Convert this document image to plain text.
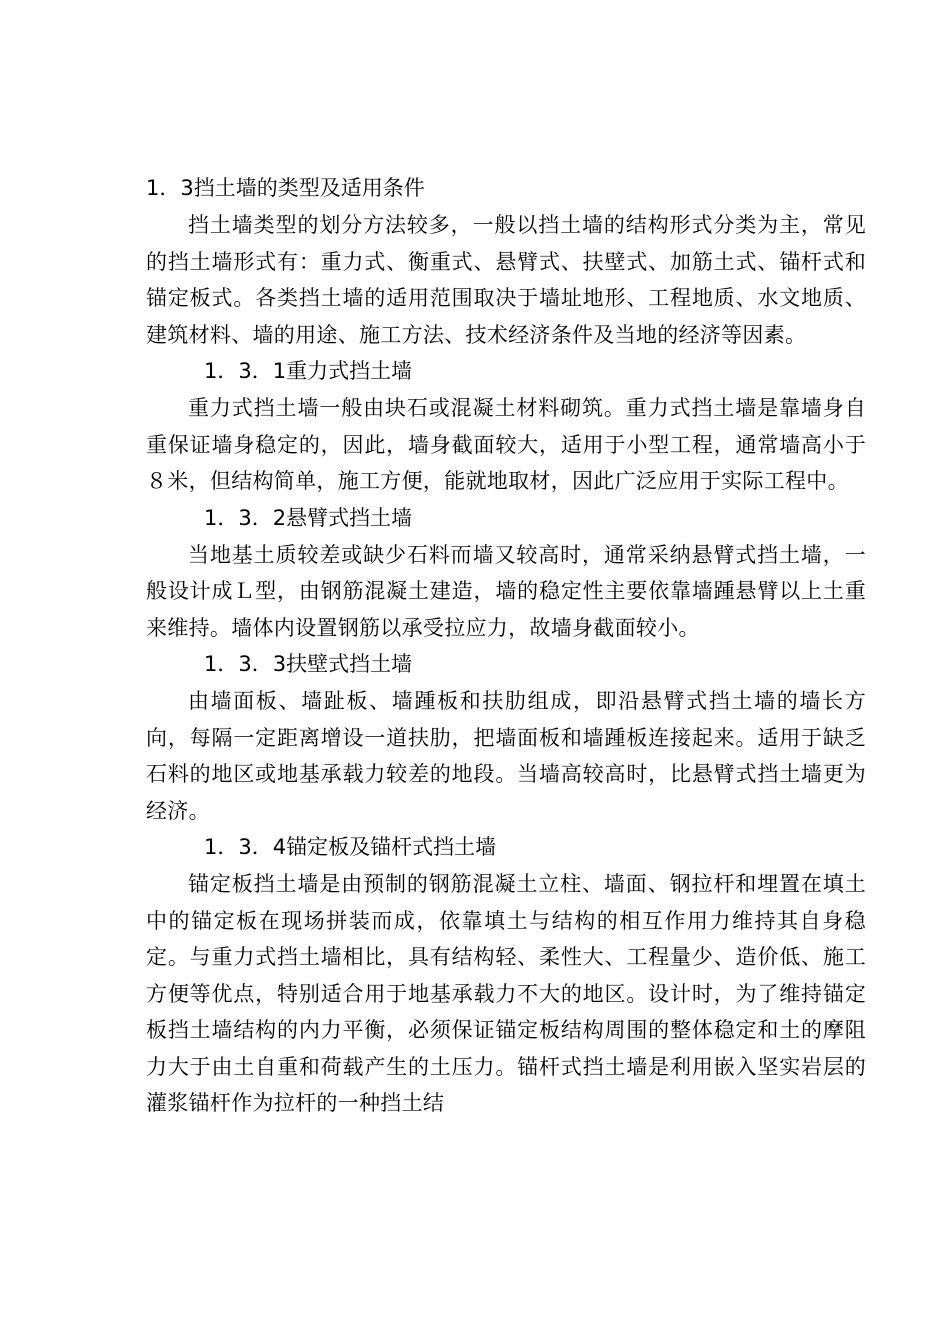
1．3挡土墙的类型及适用条件

挡土墙类型的划分方法较多，一般以挡土墙的结构形式分类为主，常见的挡土墙形式有：重力式、衡重式、悬臂式、扶壁式、加筋土式、锚杆式和锚定板式。各类挡土墙的适用范围取决于墙址地形、工程地质、水文地质、建筑材料、墙的用途、施工方法、技术经济条件及当地的经济等因素。

1．3．1重力式挡土墙

重力式挡土墙一般由块石或混凝土材料砌筑。重力式挡土墙是靠墙身自重保证墙身稳定的，因此，墙身截面较大，适用于小型工程，通常墙高小于８米，但结构简单，施工方便，能就地取材，因此广泛应用于实际工程中。

1．3．2悬臂式挡土墙

当地基土质较差或缺少石料而墙又较高时，通常采纳悬臂式挡土墙，一般设计成Ｌ型，由钢筋混凝土建造，墙的稳定性主要依靠墙踵悬臂以上土重来维持。墙体内设置钢筋以承受拉应力，故墙身截面较小。

1．3．3扶壁式挡土墙

由墙面板、墙趾板、墙踵板和扶肋组成，即沿悬臂式挡土墙的墙长方向，每隔一定距离增设一道扶肋，把墙面板和墙踵板连接起来。适用于缺乏石料的地区或地基承载力较差的地段。当墙高较高时，比悬臂式挡土墙更为经济。

1．3．4锚定板及锚杆式挡土墙

锚定板挡土墙是由预制的钢筋混凝土立柱、墙面、钢拉杆和埋置在填土中的锚定板在现场拼装而成，依靠填土与结构的相互作用力维持其自身稳定。与重力式挡土墙相比，具有结构轻、柔性大、工程量少、造价低、施工方便等优点，特别适合用于地基承载力不大的地区。设计时，为了维持锚定板挡土墙结构的内力平衡，必须保证锚定板结构周围的整体稳定和土的摩阻力大于由土自重和荷载产生的土压力。锚杆式挡土墙是利用嵌入坚实岩层的灌浆锚杆作为拉杆的一种挡土结
